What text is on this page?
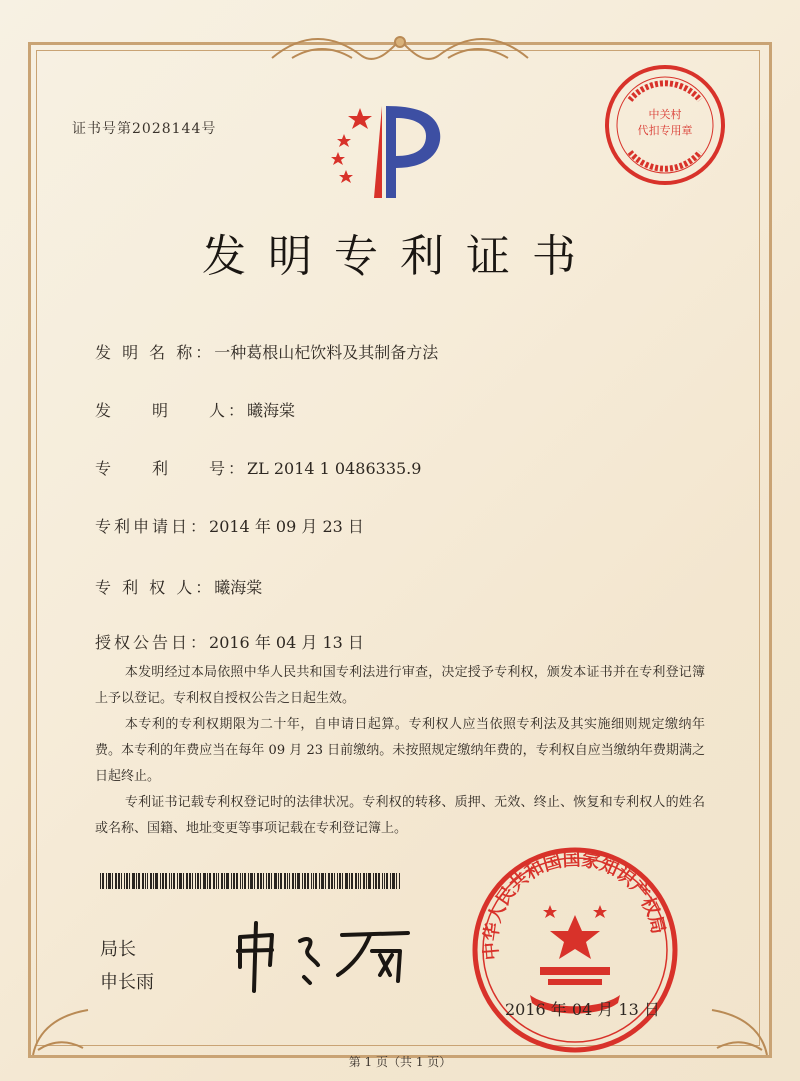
证书号第2028144号
中关村
代扣专用章
发明专利证书
发 明 名 称：一种葛根山杞饮料及其制备方法
发　　明　　人：曦海棠
专　　利　　号：ZL 2014 1 0486335.9
专利申请日：2014 年 09 月 23 日
专 利 权 人：曦海棠
授权公告日：2016 年 04 月 13 日

本发明经过本局依照中华人民共和国专利法进行审查，决定授予专利权，颁发本证书并在专利登记簿上予以登记。专利权自授权公告之日起生效。

本专利的专利权期限为二十年，自申请日起算。专利权人应当依照专利法及其实施细则规定缴纳年费。本专利的年费应当在每年 09 月 23 日前缴纳。未按照规定缴纳年费的，专利权自应当缴纳年费期满之日起终止。

专利证书记载专利权登记时的法律状况。专利权的转移、质押、无效、终止、恢复和专利权人的姓名或名称、国籍、地址变更等事项记载在专利登记簿上。

局长
申长雨
中华人民共和国国家知识产权局
2016 年 04 月 13 日
第 1 页（共 1 页）
